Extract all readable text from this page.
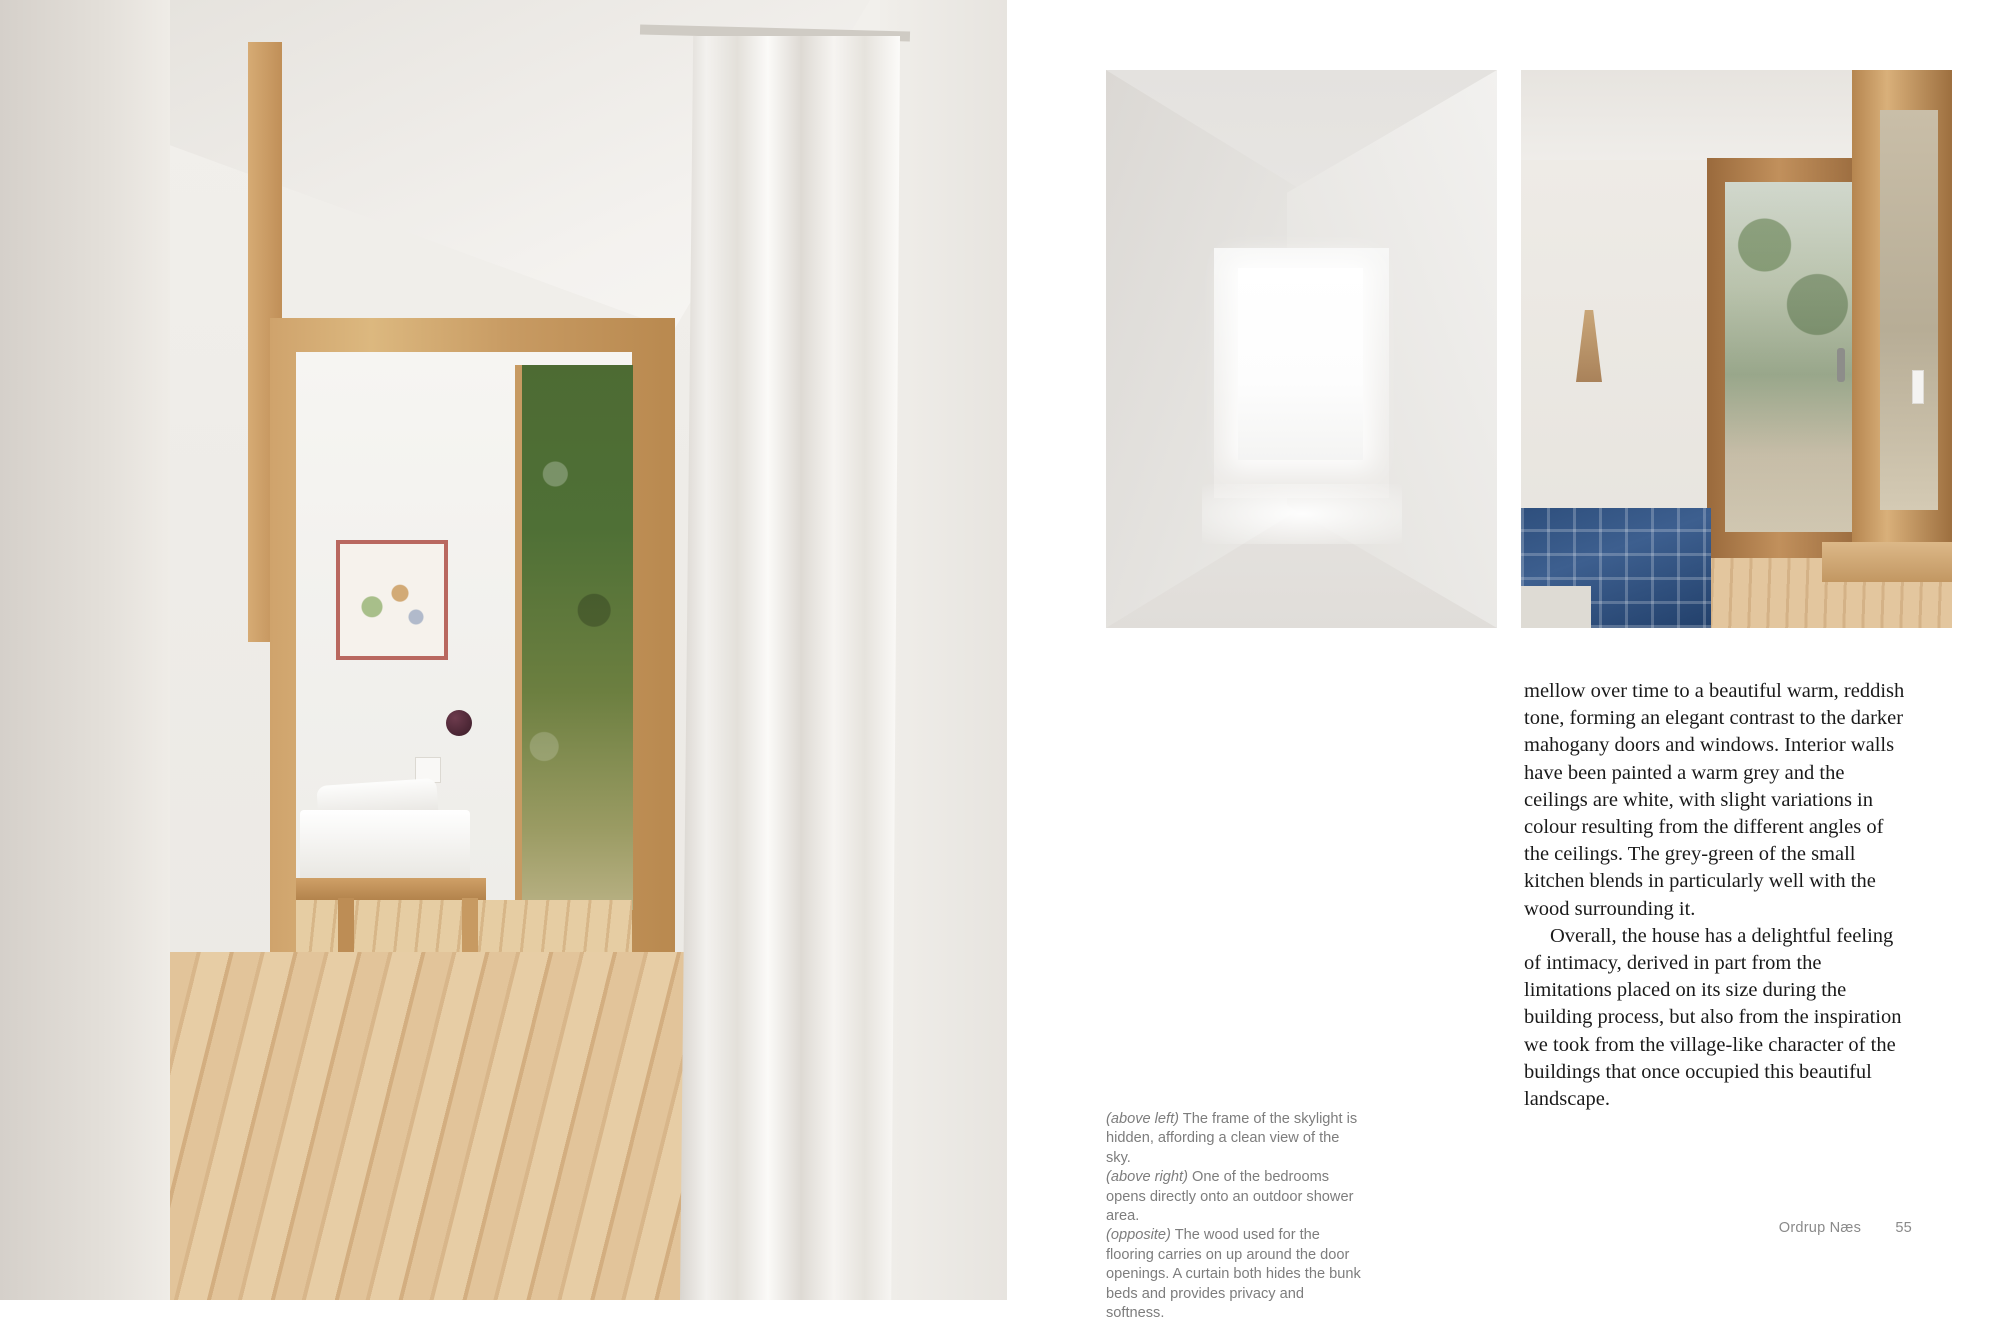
mellow over time to a beautiful warm, reddish tone, forming an elegant contrast to the darker mahogany doors and windows. Interior walls have been painted a warm grey and the ceilings are white, with slight variations in colour resulting from the different angles of the ceilings. The grey-green of the small kitchen blends in particularly well with the wood surrounding it.

Overall, the house has a delightful feeling of intimacy, derived in part from the limitations placed on its size during the building process, but also from the inspiration we took from the village-like character of the buildings that once occupied this beautiful landscape.

(above left) The frame of the skylight is hidden, affording a clean view of the sky.
(above right) One of the bedrooms opens directly onto an outdoor shower area.
(opposite) The wood used for the flooring carries on up around the door openings. A curtain both hides the bunk beds and provides privacy and softness.
Ordrup Næs 55
